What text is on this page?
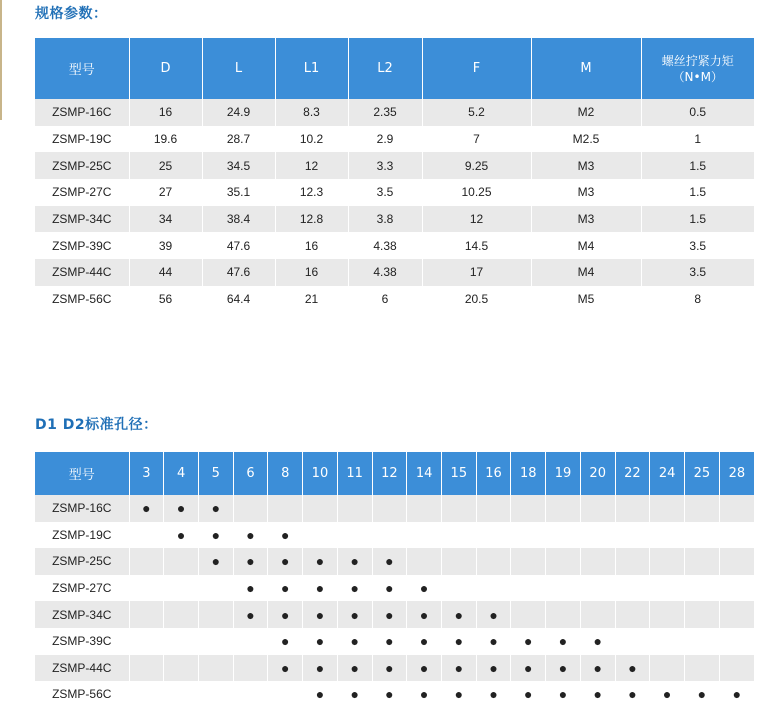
规格参数：
型号	D	L	L1	L2	F	M	螺丝拧紧力矩
（N•M）
ZSMP-16C	16	24.9	8.3	2.35	5.2	M2	0.5
ZSMP-19C	19.6	28.7	10.2	2.9	7	M2.5	1
ZSMP-25C	25	34.5	12	3.3	9.25	M3	1.5
ZSMP-27C	27	35.1	12.3	3.5	10.25	M3	1.5
ZSMP-34C	34	38.4	12.8	3.8	12	M3	1.5
ZSMP-39C	39	47.6	16	4.38	14.5	M4	3.5
ZSMP-44C	44	47.6	16	4.38	17	M4	3.5
ZSMP-56C	56	64.4	21	6	20.5	M5	8
D1 D2标准孔径：
型号	3	4	5	6	8	10	11	12	14	15	16	18	19	20	22	24	25	28
ZSMP-16C	●	●	●															
ZSMP-19C		●	●	●	●													
ZSMP-25C			●	●	●	●	●	●										
ZSMP-27C				●	●	●	●	●	●									
ZSMP-34C				●	●	●	●	●	●	●	●							
ZSMP-39C					●	●	●	●	●	●	●	●	●	●				
ZSMP-44C					●	●	●	●	●	●	●	●	●	●	●			
ZSMP-56C						●	●	●	●	●	●	●	●	●	●	●	●	●
